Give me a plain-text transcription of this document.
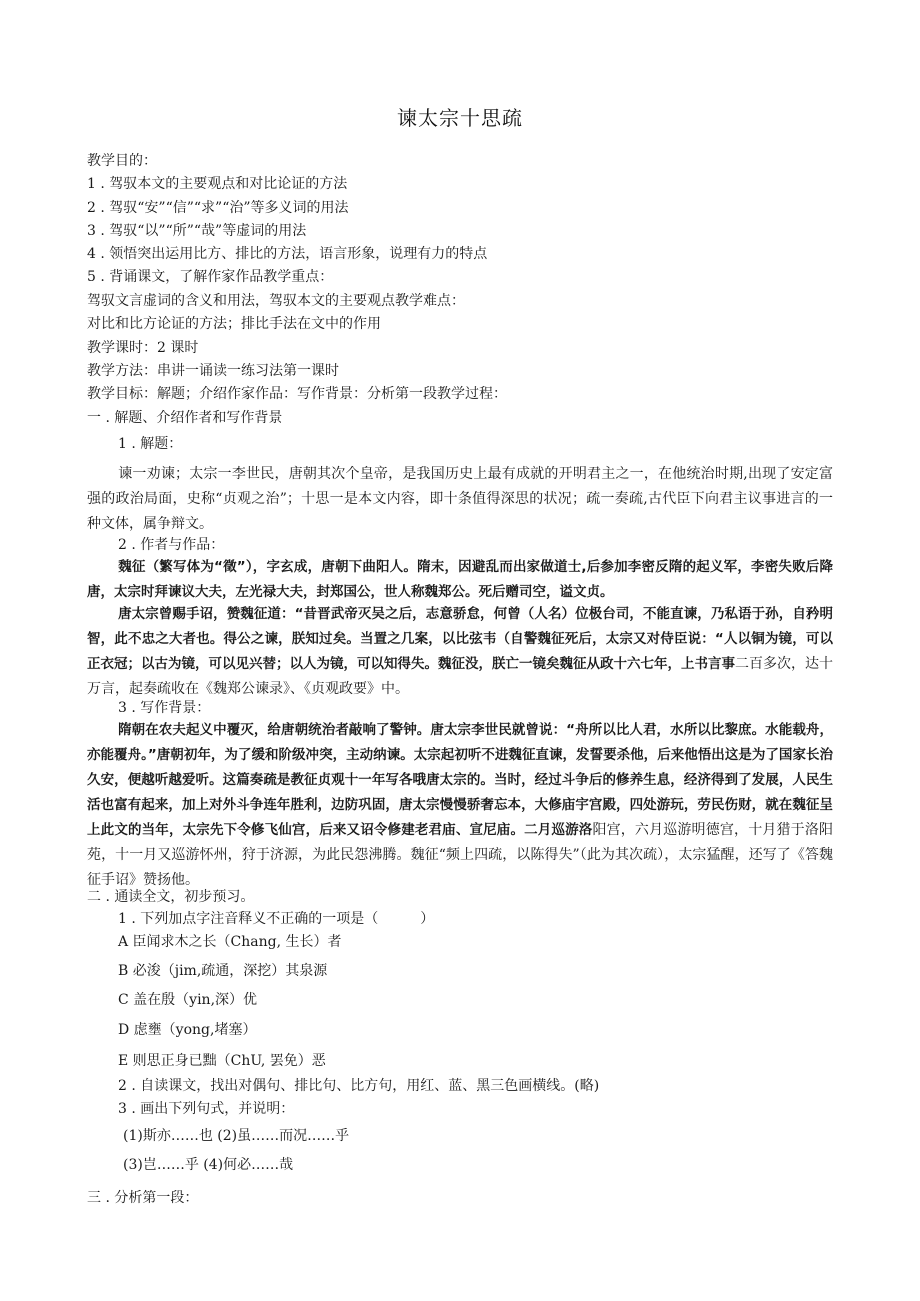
谏太宗十思疏
教学目的：
1 . 驾驭本文的主要观点和对比论证的方法
2 . 驾驭“安”“信”“求”“治”等多义词的用法
3 . 驾驭“以”“所”“哉”等虚词的用法
4 . 领悟突出运用比方、排比的方法，语言形象，说理有力的特点
5 . 背诵课文，了解作家作品教学重点：
驾驭文言虚词的含义和用法，驾驭本文的主要观点教学难点：
对比和比方论证的方法；排比手法在文中的作用
教学课时：2 课时
教学方法：串讲一诵读一练习法第一课时
教学目标：解题；介绍作家作品：写作背景：分析第一段教学过程：
一 . 解题、介绍作者和写作背景
1 . 解题：
谏一劝谏；太宗一李世民，唐朝其次个皇帝，是我国历史上最有成就的开明君主之一，在他统治时期,出现了安定富强的政治局面，史称“贞观之治”；十思一是本文内容，即十条值得深思的状况；疏一奏疏,古代臣下向君主议事进言的一种文体，属争辩文。
2 . 作者与作品：
魏征（繁写体为“徵”），字玄成，唐朝下曲阳人。隋末，因避乱而出家做道士,后参加李密反隋的起义军，李密失败后降唐，太宗时拜谏议大夫，左光禄大夫，封郑国公，世人称魏郑公。死后赠司空，谥文贞。
唐太宗曾赐手诏，赞魏征道：“昔晋武帝灭吴之后，志意骄怠，何曾（人名）位极台司，不能直谏，乃私语于孙，自矜明智，此不忠之大者也。得公之谏，朕知过矣。当置之几案，以比弦韦（自警魏征死后，太宗又对侍臣说：“人以铜为镜，可以正衣冠；以古为镜，可以见兴替；以人为镜，可以知得失。魏征没，朕亡一镜矣魏征从政十六七年，上书言事二百多次，达十万言，起奏疏收在《魏郑公谏录》、《贞观政要》中。
3 . 写作背景：
隋朝在农夫起义中覆灭，给唐朝统治者敲响了警钟。唐太宗李世民就曾说：“舟所以比人君，水所以比黎庶。水能载舟，亦能覆舟。”唐朝初年，为了缓和阶级冲突，主动纳谏。太宗起初听不进魏征直谏，发誓要杀他，后来他悟出这是为了国家长治久安，便越听越爱听。这篇奏疏是教征贞观十一年写各哦唐太宗的。当时，经过斗争后的修养生息，经济得到了发展，人民生活也富有起来，加上对外斗争连年胜利，边防巩固，唐太宗慢慢骄奢忘本，大修庙宇宫殿，四处游玩，劳民伤财，就在魏征呈上此文的当年，太宗先下令修飞仙宫，后来又诏令修建老君庙、宣尼庙。二月巡游洛阳宫，六月巡游明德宫，十月猎于洛阳苑，十一月又巡游怀州，狩于济源，为此民怨沸腾。魏征“频上四疏，以陈得失”（此为其次疏），太宗猛醒，还写了《答魏征手诏》赞扬他。
二 . 通读全文，初步预习。
1 . 下列加点字注音释义不正确的一项是（　　　）
A 臣闻求木之长（Chang, 生长）者
B 必浚（jim,疏通，深挖）其泉源
C 盖在殷（yin,深）优
D 虑壅（yong,堵塞）
E 则思正身已黜（ChU, 罢免）恶
2 . 自读课文，找出对偶句、排比句、比方句，用红、蓝、黑三色画横线。(略)
3 . 画出下列句式，并说明：
(1)斯亦……也 (2)虽……而况……乎
(3)岂……乎 (4)何必……哉
三 . 分析第一段：
